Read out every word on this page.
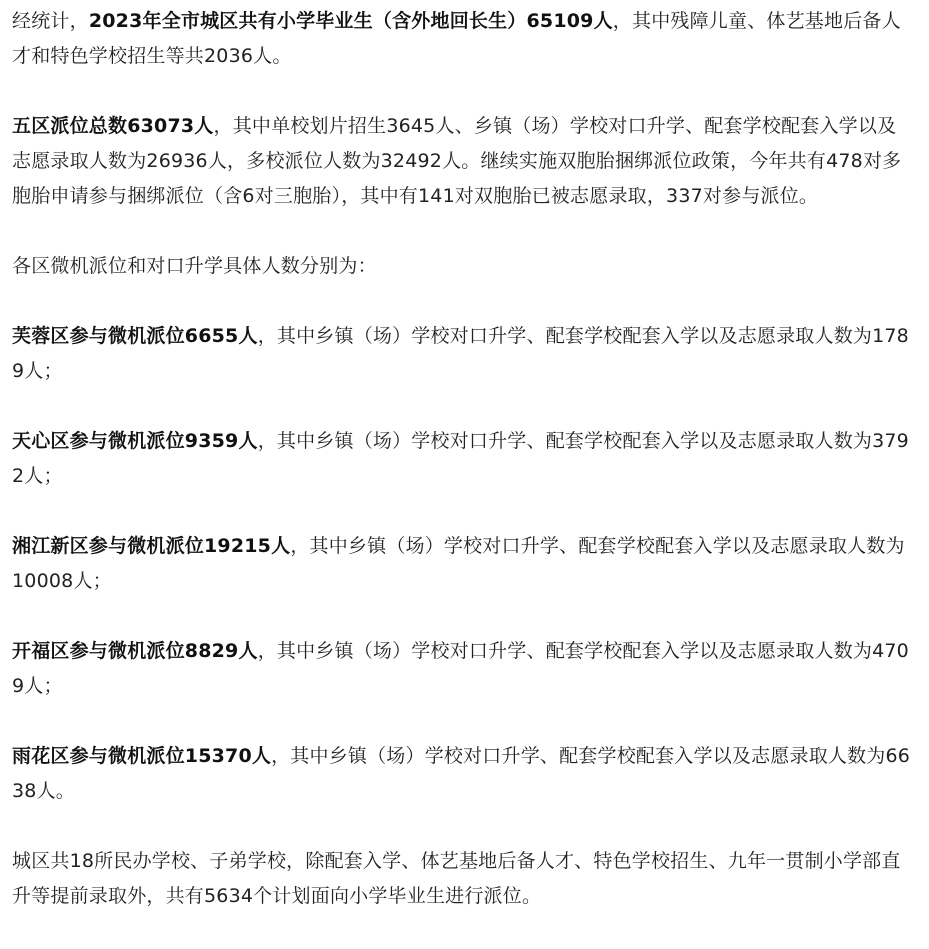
经统计，2023年全市城区共有小学毕业生（含外地回长生）65109人，其中残障儿童、体艺基地后备人才和特色学校招生等共2036人。

五区派位总数63073人，其中单校划片招生3645人、乡镇（场）学校对口升学、配套学校配套入学以及志愿录取人数为26936人，多校派位人数为32492人。继续实施双胞胎捆绑派位政策，今年共有478对多胞胎申请参与捆绑派位（含6对三胞胎），其中有141对双胞胎已被志愿录取，337对参与派位。

各区微机派位和对口升学具体人数分别为：

芙蓉区参与微机派位6655人，其中乡镇（场）学校对口升学、配套学校配套入学以及志愿录取人数为1789人；

天心区参与微机派位9359人，其中乡镇（场）学校对口升学、配套学校配套入学以及志愿录取人数为3792人；

湘江新区参与微机派位19215人，其中乡镇（场）学校对口升学、配套学校配套入学以及志愿录取人数为10008人；

开福区参与微机派位8829人，其中乡镇（场）学校对口升学、配套学校配套入学以及志愿录取人数为4709人；

雨花区参与微机派位15370人，其中乡镇（场）学校对口升学、配套学校配套入学以及志愿录取人数为6638人。

城区共18所民办学校、子弟学校，除配套入学、体艺基地后备人才、特色学校招生、九年一贯制小学部直升等提前录取外，共有5634个计划面向小学毕业生进行派位。
